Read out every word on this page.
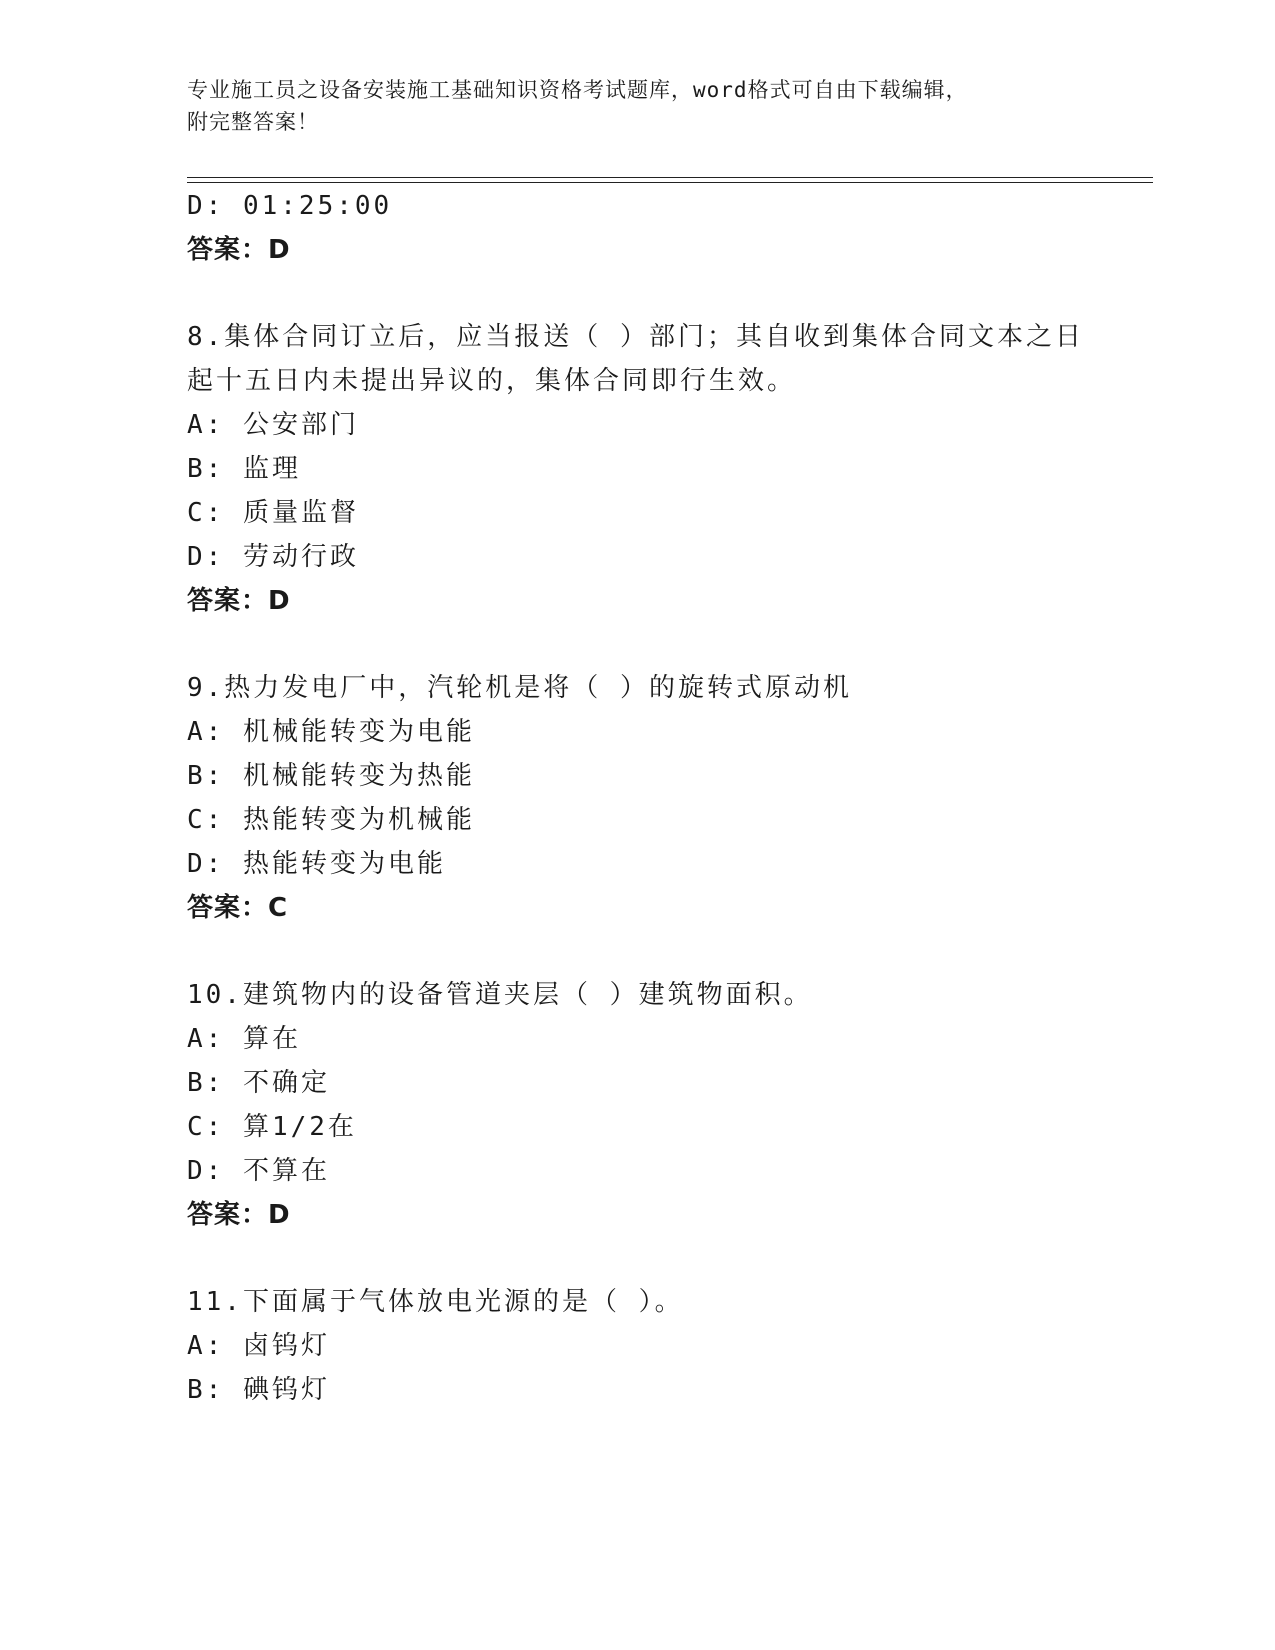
专业施工员之设备安装施工基础知识资格考试题库，word格式可自由下载编辑，
附完整答案！
D: 01:25:00
答案：D
8.集体合同订立后，应当报送（ ）部门；其自收到集体合同文本之日
起十五日内未提出异议的，集体合同即行生效。
A: 公安部门
B: 监理
C: 质量监督
D: 劳动行政
答案：D
9.热力发电厂中，汽轮机是将（ ）的旋转式原动机
A: 机械能转变为电能
B: 机械能转变为热能
C: 热能转变为机械能
D: 热能转变为电能
答案：C
10.建筑物内的设备管道夹层（ ）建筑物面积。
A: 算在
B: 不确定
C: 算1/2在
D: 不算在
答案：D
11.下面属于气体放电光源的是（ ）。
A: 卤钨灯
B: 碘钨灯
